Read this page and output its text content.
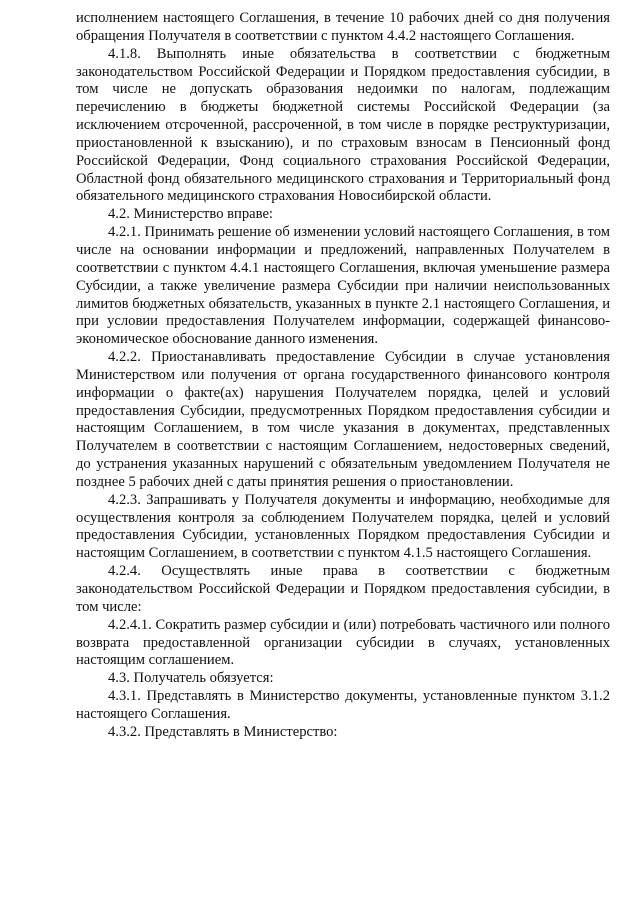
исполнением настоящего Соглашения, в течение 10 рабочих дней со дня получения обращения Получателя в соответствии с пунктом 4.4.2 настоящего Соглашения.

4.1.8. Выполнять иные обязательства в соответствии с бюджетным законодательством Российской Федерации и Порядком предоставления субсидии, в том числе не допускать образования недоимки по налогам, подлежащим перечислению в бюджеты бюджетной системы Российской Федерации (за исключением отсроченной, рассроченной, в том числе в порядке реструктуризации, приостановленной к взысканию), и по страховым взносам в Пенсионный фонд Российской Федерации, Фонд социального страхования Российской Федерации, Областной фонд обязательного медицинского страхования и Территориальный фонд обязательного медицинского страхования Новосибирской области.

4.2. Министерство вправе:

4.2.1. Принимать решение об изменении условий настоящего Соглашения, в том числе на основании информации и предложений, направленных Получателем в соответствии с пунктом 4.4.1 настоящего Соглашения, включая уменьшение размера Субсидии, а также увеличение размера Субсидии при наличии неиспользованных лимитов бюджетных обязательств, указанных в пункте 2.1 настоящего Соглашения, и при условии предоставления Получателем информации, содержащей финансово-экономическое обоснование данного изменения.

4.2.2. Приостанавливать предоставление Субсидии в случае установления Министерством или получения от органа государственного финансового контроля информации о факте(ах) нарушения Получателем порядка, целей и условий предоставления Субсидии, предусмотренных Порядком предоставления субсидии и настоящим Соглашением, в том числе указания в документах, представленных Получателем в соответствии с настоящим Соглашением, недостоверных сведений, до устранения указанных нарушений с обязательным уведомлением Получателя не позднее 5 рабочих дней с даты принятия решения о приостановлении.

4.2.3. Запрашивать у Получателя документы и информацию, необходимые для осуществления контроля за соблюдением Получателем порядка, целей и условий предоставления Субсидии, установленных Порядком предоставления Субсидии и настоящим Соглашением, в соответствии с пунктом 4.1.5 настоящего Соглашения.

4.2.4. Осуществлять иные права в соответствии с бюджетным законодательством Российской Федерации и Порядком предоставления субсидии, в том числе:

4.2.4.1. Сократить размер субсидии и (или) потребовать частичного или полного возврата предоставленной организации субсидии в случаях, установленных настоящим соглашением.

4.3. Получатель обязуется:

4.3.1. Представлять в Министерство документы, установленные пунктом 3.1.2 настоящего Соглашения.

4.3.2. Представлять в Министерство:
